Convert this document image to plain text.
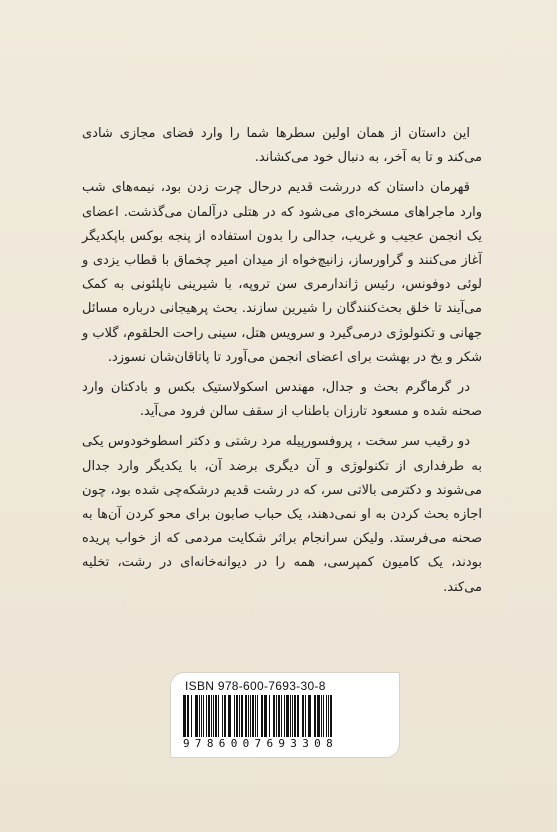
این داستان از همان اولین سطرها شما را وارد فضای مجازی شادی می‌کند و تا به آخر، به دنبال خود می‌کشاند.

قهرمان داستان که دررشت قدیم درحال چرت زدن بود، نیمه‌های شب وارد ماجراهای مسخره‌ای می‌شود که در هتلی درآلمان می‌گذشت. اعضای یک انجمن عجیب و غریب، جدالی را بدون استفاده از پنجه بوکس باپکدیگر آغاز می‌کنند و گراورساز، زانیچ‌خواه از میدان امیر چخماق با قطاب یزدی و لوئی دوفونس، رئیس ژاندارمری سن تروپه، با شیرینی ناپلئونی به کمک می‌آیند تا خلق بحث‌کنندگان را شیرین سازند. بحث پرهیجانی درباره مسائل جهانی و تکنولوژی درمی‌گیرد و سرویس هتل، سینی راحت الحلقوم، گلاب و شکر و یخ در بهشت برای اعضای انجمن می‌آورد تا پاتاقان‌شان نسوزد.

در گرماگرم بحث و جدال، مهندس اسکولاستیک بکس و بادکتان وارد صحنه شده و مسعود تارزان باطناب از سقف سالن فرود می‌آید.

دو رقیب سر سخت ، پروفسورپیله مرد رشتی و دکتر اسطوخودوس یکی به طرفداری از تکنولوژی و آن دیگری برضد آن، با یکدیگر وارد جدال می‌شوند و دکترمی بالاتی سر، که در رشت قدیم درشکه‌چی شده بود، چون اجازه بحث کردن به او نمی‌دهند، یک حباب صابون برای محو کردن آن‌ها به صحنه می‌فرستد. ولیکن سرانجام براثر شکایت مردمی که از خواب پریده بودند، یک کامیون کمپرسی، همه را در دیوانه‌خانه‌ای در رشت، تخلیه می‌کند.

ISBN 978-600-7693-30-8
9 7 8 6 0 0 7 6 9 3 3 0 8
